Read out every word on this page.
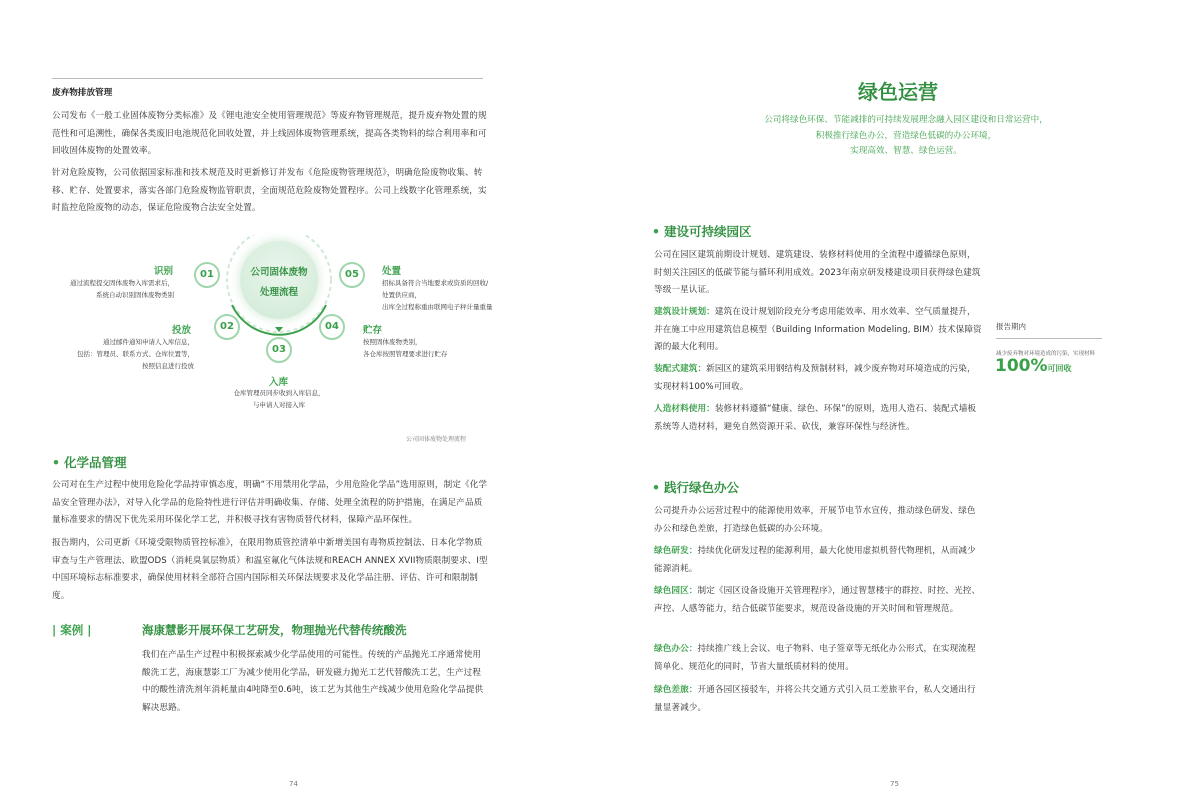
废弃物排放管理
公司发布《一般工业固体废物分类标准》及《锂电池安全使用管理规范》等废弃物管理规范，提升废弃物处置的规范性和可追溯性，确保各类废旧电池规范化回收处置，并上线固体废物管理系统，提高各类物料的综合利用率和可回收固体废物的处置效率。
针对危险废物，公司依据国家标准和技术规范及时更新修订并发布《危险废物管理规范》，明确危险废物收集、转移、贮存、处置要求，落实各部门危险废物监管职责，全面规范危险废物处置程序。公司上线数字化管理系统，实时监控危险废物的动态，保证危险废物合法安全处置。
公司固体废物
处理流程
01
识别
通过流程提交固体废物入库需求后，
系统自动识别固体废物类别
02
投放
通过邮件通知申请人入库信息，
包括：管理员、联系方式、仓库位置等，
按照信息进行投放
03
入库
仓库管理员同步收到入库信息，
与申请人对接入库
04	贮存
按照固体废物类别，
各仓库按照管理要求进行贮存
05	处置
招标具备符合当地要求或资质的回收/
处置供应商，
出库全过程称重由联网电子秤计量重量
公司固体废物处理流程
• 化学品管理
公司对在生产过程中使用危险化学品持审慎态度，明确“不用禁用化学品，少用危险化学品”选用原则，制定《化学品安全管理办法》，对导入化学品的危险特性进行评估并明确收集、存储、处理全流程的防护措施，在满足产品质量标准要求的情况下优先采用环保化学工艺，并积极寻找有害物质替代材料，保障产品环保性。
报告期内，公司更新《环境受限物质管控标准》，在限用物质管控清单中新增美国有毒物质控制法、日本化学物质审查与生产管理法、欧盟ODS（消耗臭氧层物质）和温室氟化气体法规和REACH ANNEX XVII物质限制要求、I型中国环境标志标准要求，确保使用材料全部符合国内国际相关环保法规要求及化学品注册、评估、许可和限制制度。
| 案例 |	海康慧影开展环保工艺研发，物理抛光代替传统酸洗
我们在产品生产过程中积极探索减少化学品使用的可能性。传统的产品抛光工序通常使用酸洗工艺，海康慧影工厂为减少使用化学品，研发磁力抛光工艺代替酸洗工艺，生产过程中的酸性清洗剂年消耗量由4吨降至0.6吨，该工艺为其他生产线减少使用危险化学品提供解决思路。
74
绿色运营
公司将绿色环保、节能减排的可持续发展理念融入园区建设和日常运营中，
积极推行绿色办公，营造绿色低碳的办公环境，
实现高效、智慧、绿色运营。
• 建设可持续园区
公司在园区建筑前期设计规划、建筑建设、装修材料使用的全流程中遵循绿色原则，时刻关注园区的低碳节能与循环利用成效。2023年南京研发楼建设项目获得绿色建筑等级一星认证。
建筑设计规划：建筑在设计规划阶段充分考虑用能效率、用水效率、空气质量提升，并在施工中应用建筑信息模型（Building Information Modeling, BIM）技术保障资源的最大化利用。
装配式建筑：新园区的建筑采用钢结构及预制材料，减少废弃物对环境造成的污染，实现材料100%可回收。
人造材料使用：装修材料遵循“健康、绿色、环保”的原则，选用人造石、装配式墙板系统等人造材料，避免自然资源开采、砍伐，兼容环保性与经济性。
报告期内
减少废弃物对环境造成的污染，实现材料
100%可回收
• 践行绿色办公
公司提升办公运营过程中的能源使用效率，开展节电节水宣传，推动绿色研发、绿色办公和绿色差旅，打造绿色低碳的办公环境。
绿色研发：持续优化研发过程的能源利用，最大化使用虚拟机替代物理机，从而减少能源消耗。
绿色园区：制定《园区设备设施开关管理程序》，通过智慧楼宇的群控、时控、光控、声控、人感等能力，结合低碳节能要求，规范设备设施的开关时间和管理规范。
绿色办公：持续推广线上会议、电子物料、电子签章等无纸化办公形式，在实现流程简单化、规范化的同时，节省大量纸质材料的使用。
绿色差旅：开通各园区接驳车，并将公共交通方式引入员工差旅平台，私人交通出行量显著减少。
75
